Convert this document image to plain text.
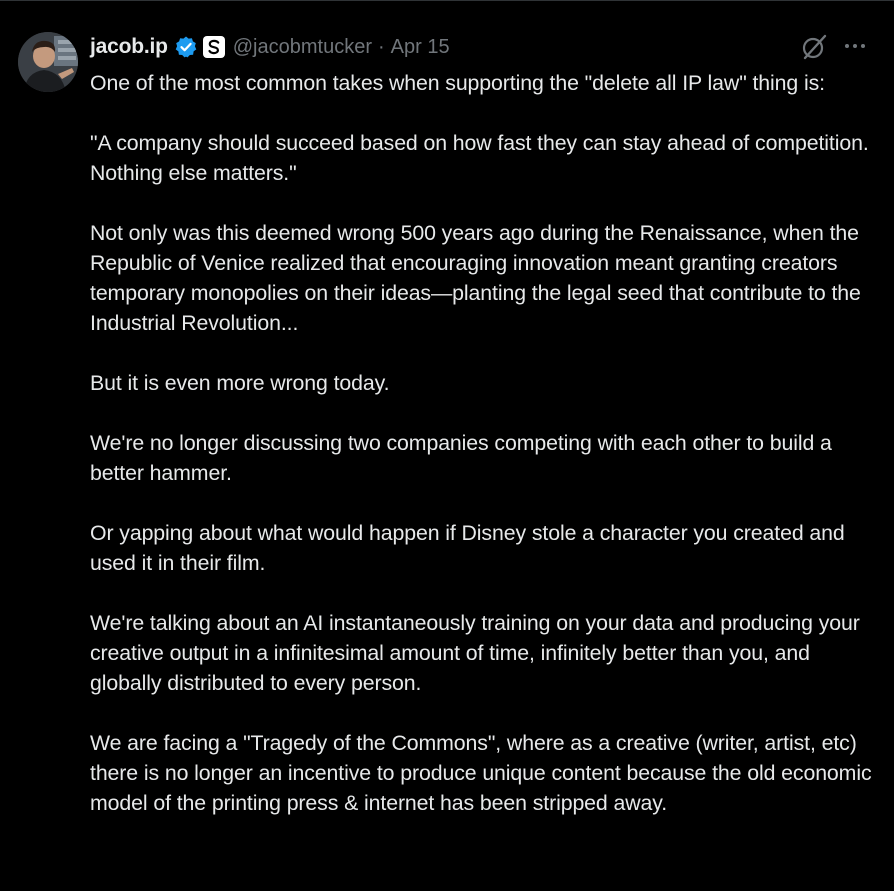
jacob.ip	@jacobmtucker · Apr 15

One of the most common takes when supporting the "delete all IP law" thing is:

"A company should succeed based on how fast they can stay ahead of competition. Nothing else matters."

Not only was this deemed wrong 500 years ago during the Renaissance, when the Republic of Venice realized that encouraging innovation meant granting creators temporary monopolies on their ideas—planting the legal seed that contribute to the Industrial Revolution...

But it is even more wrong today.

We're no longer discussing two companies competing with each other to build a better hammer.

Or yapping about what would happen if Disney stole a character you created and used it in their film.

We're talking about an AI instantaneously training on your data and producing your creative output in a infinitesimal amount of time, infinitely better than you, and globally distributed to every person.

We are facing a "Tragedy of the Commons", where as a creative (writer, artist, etc) there is no longer an incentive to produce unique content because the old economic model of the printing press & internet has been stripped away.
